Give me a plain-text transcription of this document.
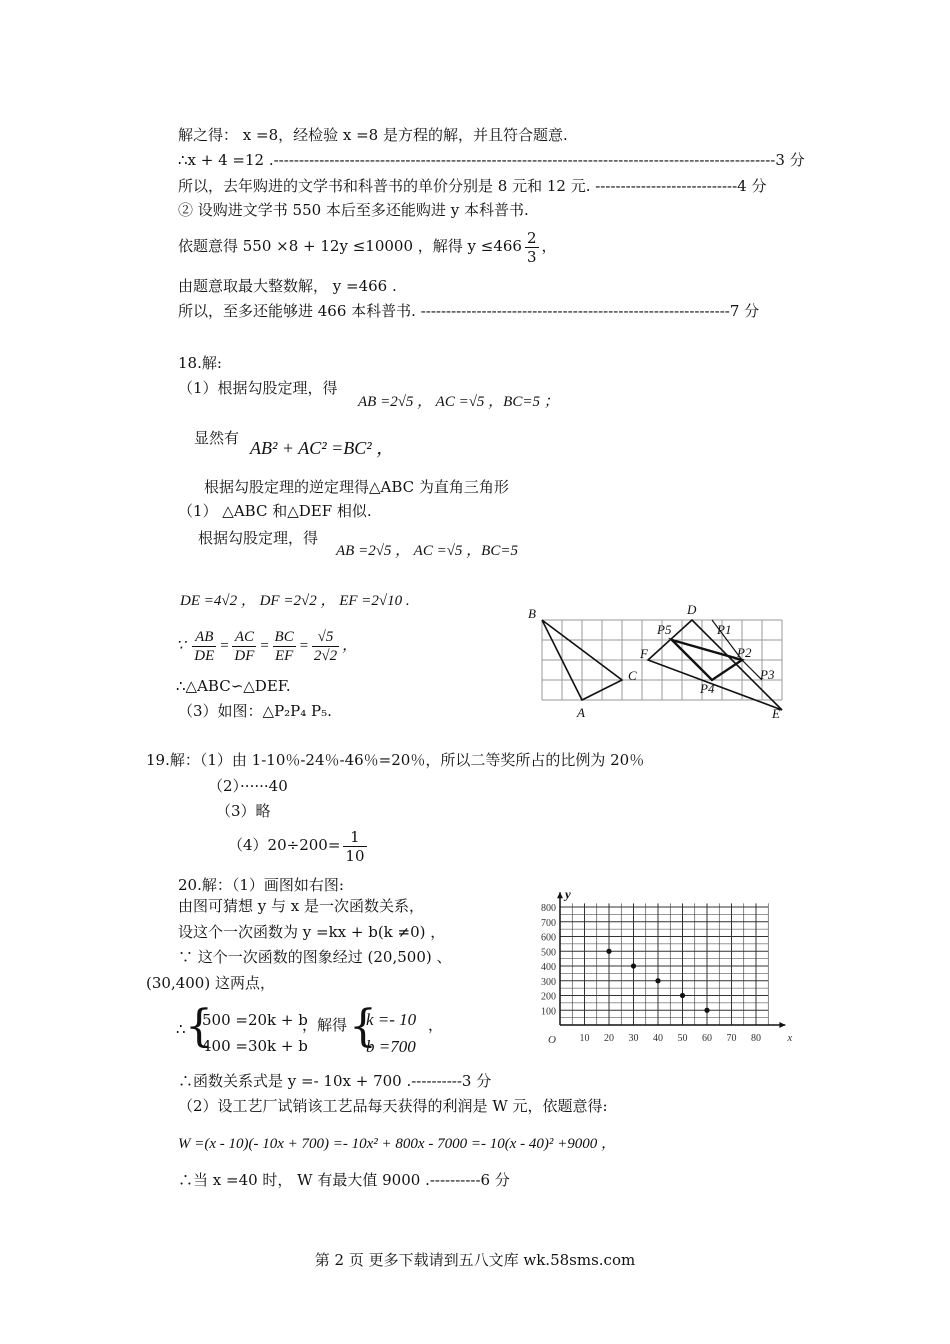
解之得： x =8，经检验 x =8 是方程的解，并且符合题意.
∴x + 4 =12 .---------------------------------------------------------------------------------------------------3 分
所以，去年购进的文学书和科普书的单价分别是 8 元和 12 元. ----------------------------4 分
② 设购进文学书 550 本后至多还能购进 y 本科普书.
依题意得 550 ×8 + 12y ≤10000 ，解得 $y \le 466 \frac{2}{3}$ ，
由题意取最大整数解， y =466 .
所以，至多还能够进 466 本科普书. -------------------------------------------------------------7 分
18.解:
（1）根据勾股定理，得
AB =2√5 ， AC =√5 ，BC=5 ；
显然有 AB² + AC² =BC² ，
根据勾股定理的逆定理得△ABC 为直角三角形
（1） △ABC 和△DEF 相似.
根据勾股定理，得
AB =2√5 ， AC =√5 ，BC=5
DE =4√2 ， DF =2√2 ， EF =2√10 .
∵ $\frac{AB}{DE} = \frac{AC}{DF} = \frac{BC}{EF} = \frac{√5}{2√2}$ ，
∴△ABC∽△DEF.
（3）如图：△P₂P₄ P₅.
B	D
P5	P1
F	P2
C
P4
P3
A	E
19.解：（1）由 1-10％-24％-46％=20％，所以二等奖所占的比例为 20％
（2）······40
（3）略
$(4)20\div 200= \frac{1}{10}$
20.解：（1）画图如右图:
由图可猜想 y 与 x 是一次函数关系，
设这个一次函数为 y =kx + b(k ≠0) ，
∵ 这个一次函数的图象经过 (20,500) 、
(30,400) 这两点，
∴ {
500 =20k + b
400 =30k + b
，解得 {
k =- 10
b =700
，
∴函数关系式是 y =- 10x + 700 .----------3 分
（2）设工艺厂试销该工艺品每天获得的利润是 W 元，依题意得:
W =(x - 10)(- 10x + 700) =- 10x² + 800x - 7000 =- 10(x - 40)² +9000 ，
∴当 x =40 时， W 有最大值 9000 .----------6 分
10 20 30 40 50 60 70 80
100
200
300
400
500
600
700
800
O	x
y
第 2 页 更多下载请到五八文库 wk.58sms.com
